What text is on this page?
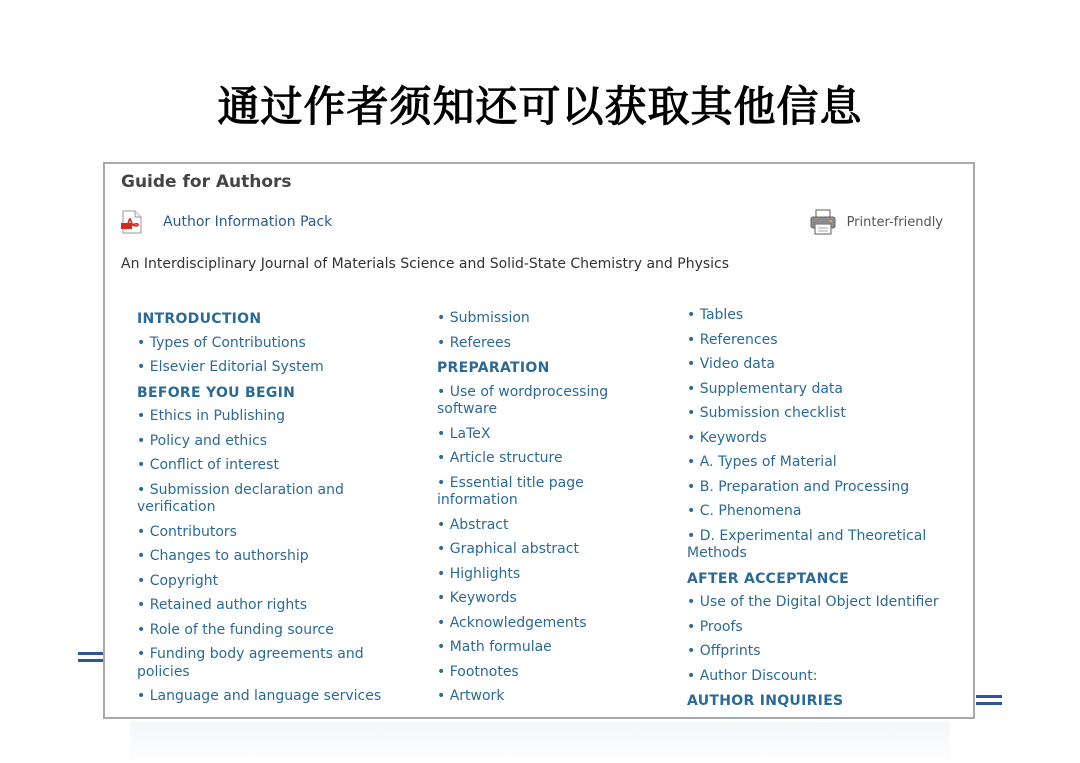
通过作者须知还可以获取其他信息
Guide for Authors
Author Information Pack	Printer-friendly

An Interdisciplinary Journal of Materials Science and Solid-State Chemistry and Physics

INTRODUCTION
• Types of Contributions
• Elsevier Editorial System
BEFORE YOU BEGIN
• Ethics in Publishing
• Policy and ethics
• Conflict of interest
• Submission declaration and verification
• Contributors
• Changes to authorship
• Copyright
• Retained author rights
• Role of the funding source
• Funding body agreements and policies
• Language and language services
• Submission
• Referees
PREPARATION
• Use of wordprocessing software
• LaTeX
• Article structure
• Essential title page information
• Abstract
• Graphical abstract
• Highlights
• Keywords
• Acknowledgements
• Math formulae
• Footnotes
• Artwork
• Tables
• References
• Video data
• Supplementary data
• Submission checklist
• Keywords
• A. Types of Material
• B. Preparation and Processing
• C. Phenomena
• D. Experimental and Theoretical Methods
AFTER ACCEPTANCE
• Use of the Digital Object Identifier
• Proofs
• Offprints
• Author Discount:
AUTHOR INQUIRIES
